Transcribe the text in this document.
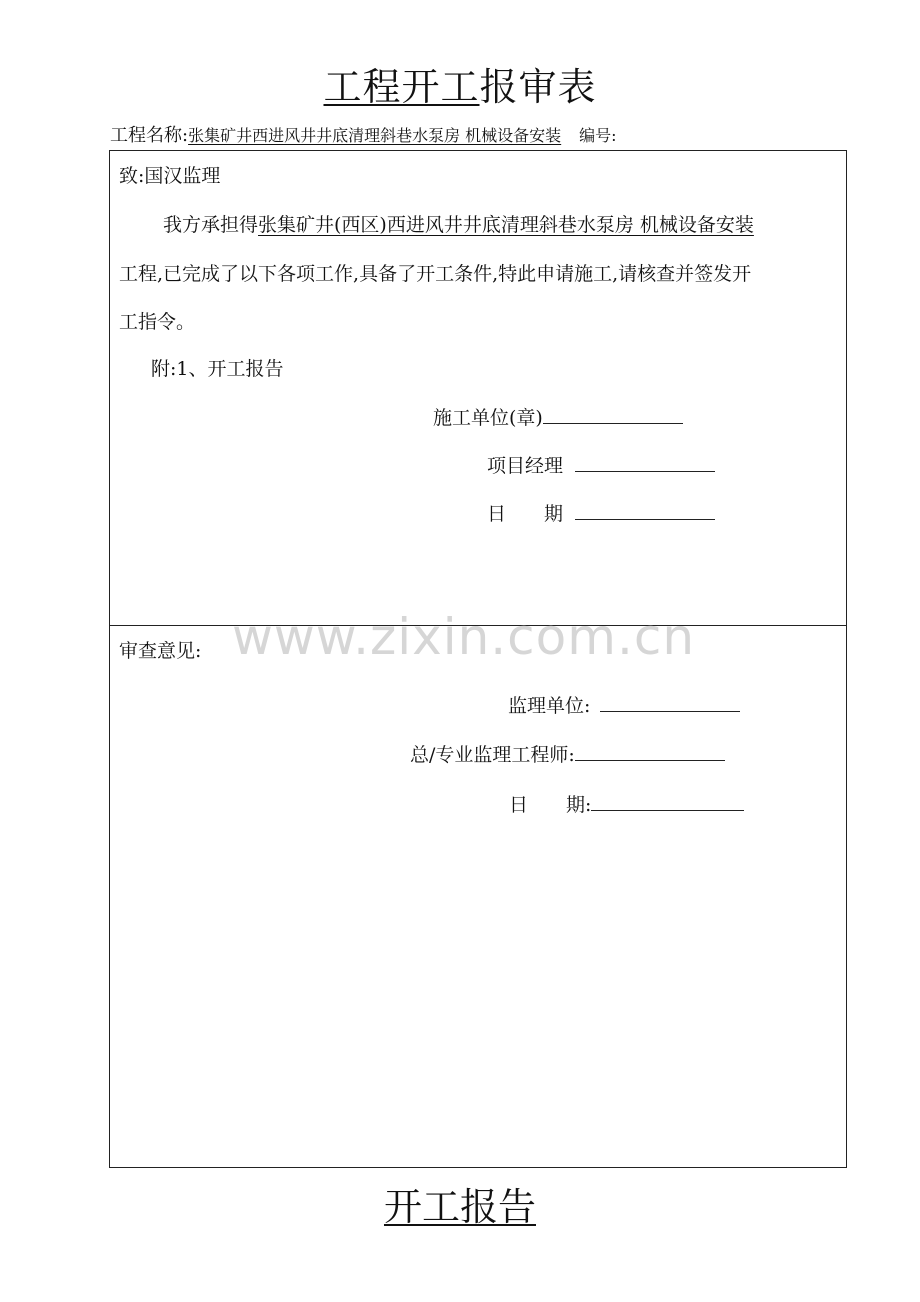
工程开工报审表
工程名称:张集矿井西进风井井底清理斜巷水泵房 机械设备安装 编号:
致:国汉监理
我方承担得张集矿井(西区)西进风井井底清理斜巷水泵房 机械设备安装
工程,已完成了以下各项工作,具备了开工条件,特此申请施工,请核查并签发开
工指令。
附:1、开工报告
施工单位(章)
项目经理
日　　期
审查意见:
监理单位:
总/专业监理工程师:
日　　期:
www.zixin.com.cn
开工报告
